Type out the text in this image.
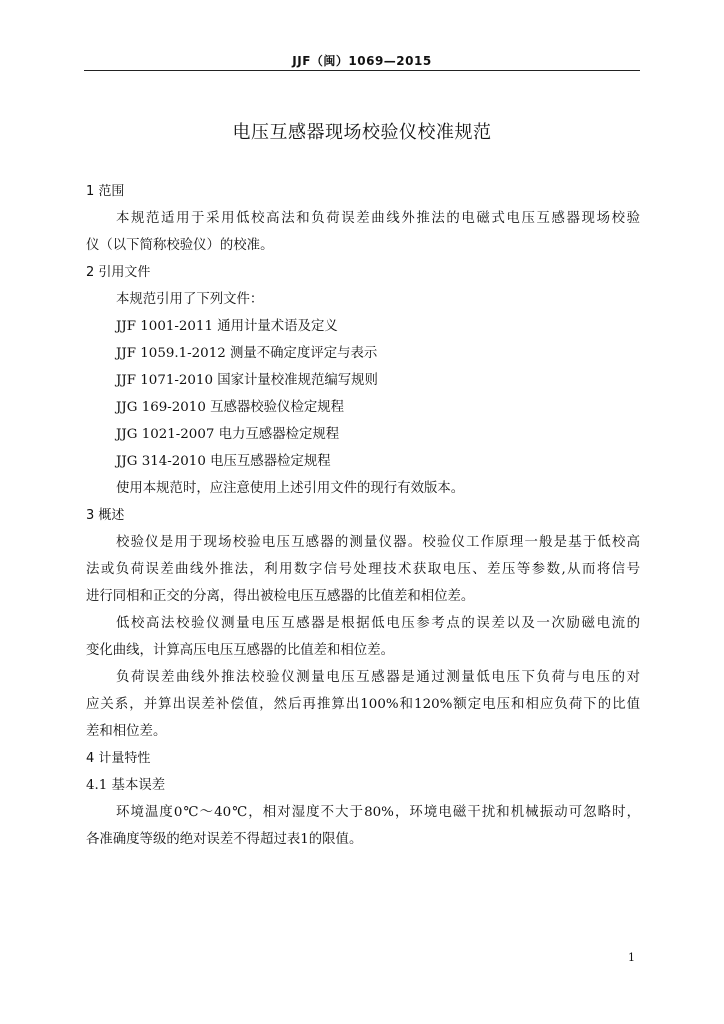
JJF（闽）1069—2015
电压互感器现场校验仪校准规范
1 范围
本规范适用于采用低校高法和负荷误差曲线外推法的电磁式电压互感器现场校验
仪（以下简称校验仪）的校准。
2 引用文件
本规范引用了下列文件：
JJF 1001-2011 通用计量术语及定义
JJF 1059.1-2012 测量不确定度评定与表示
JJF 1071-2010 国家计量校准规范编写规则
JJG 169-2010 互感器校验仪检定规程
JJG 1021-2007 电力互感器检定规程
JJG 314-2010 电压互感器检定规程
使用本规范时，应注意使用上述引用文件的现行有效版本。
3 概述
校验仪是用于现场校验电压互感器的测量仪器。校验仪工作原理一般是基于低校高
法或负荷误差曲线外推法，利用数字信号处理技术获取电压、差压等参数,从而将信号
进行同相和正交的分离，得出被检电压互感器的比值差和相位差。
低校高法校验仪测量电压互感器是根据低电压参考点的误差以及一次励磁电流的
变化曲线，计算高压电压互感器的比值差和相位差。
负荷误差曲线外推法校验仪测量电压互感器是通过测量低电压下负荷与电压的对
应关系，并算出误差补偿值，然后再推算出100%和120%额定电压和相应负荷下的比值
差和相位差。
4 计量特性
4.1 基本误差
环境温度0℃～40℃，相对湿度不大于80%，环境电磁干扰和机械振动可忽略时，
各准确度等级的绝对误差不得超过表1的限值。
1
